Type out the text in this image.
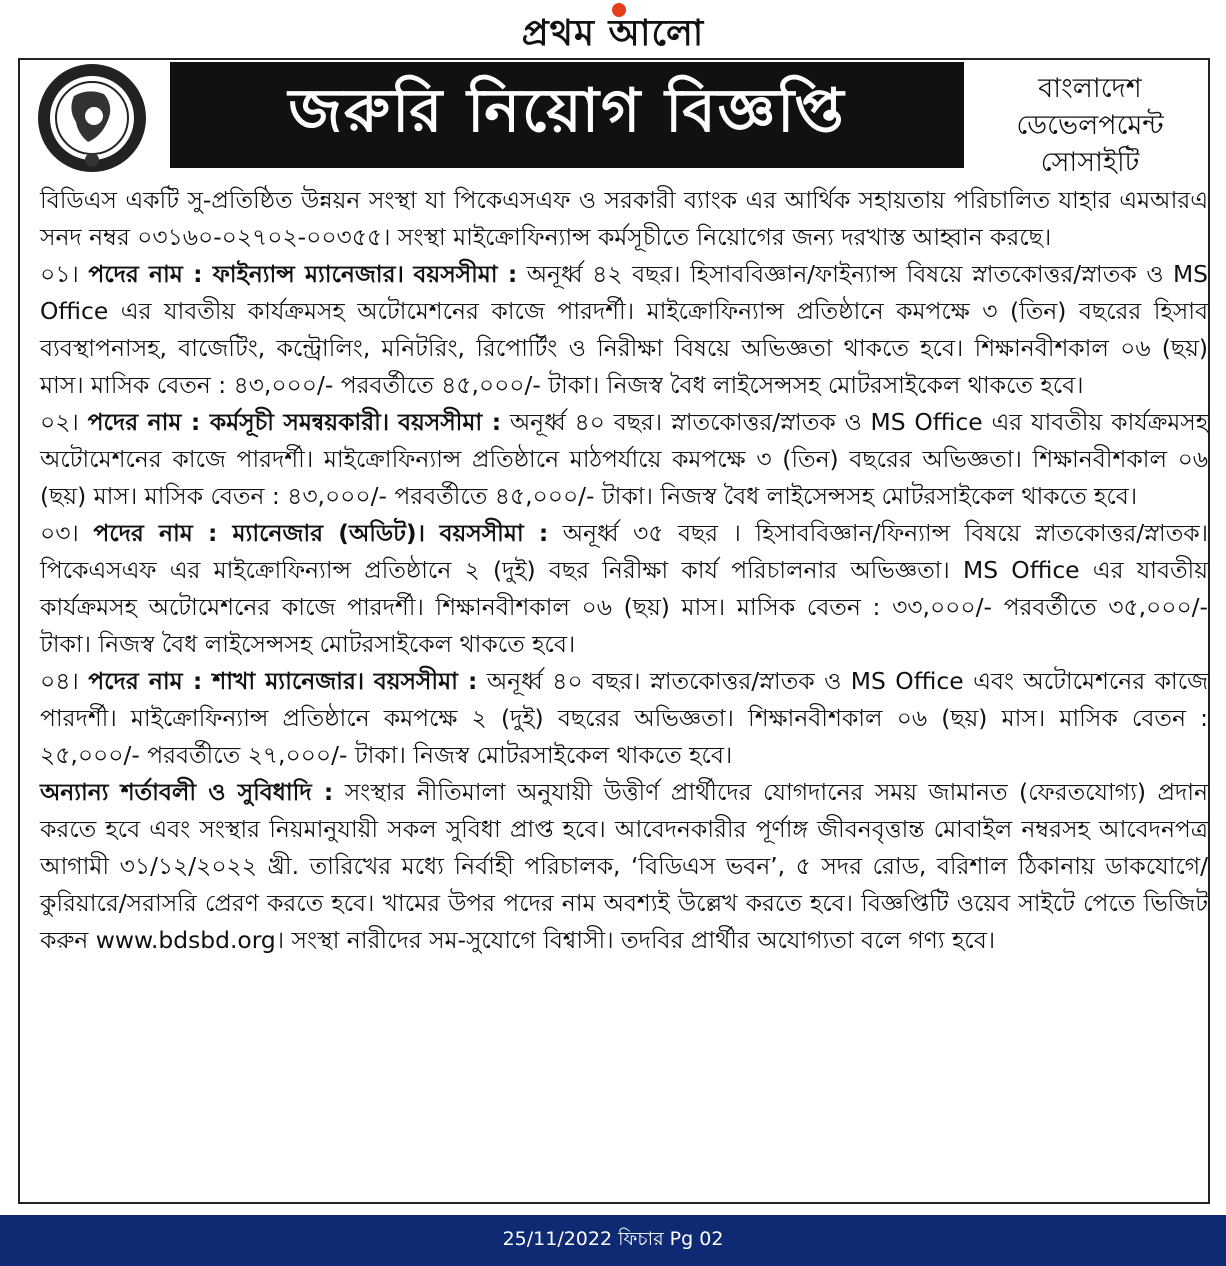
প্রথম আলো
জরুরি নিয়োগ বিজ্ঞপ্তি	বাংলাদেশ
ডেভেলপমেন্ট
সোসাইটি

বিডিএস একটি সু-প্রতিষ্ঠিত উন্নয়ন সংস্থা যা পিকেএসএফ ও সরকারী ব্যাংক এর আর্থিক সহায়তায় পরিচালিত যাহার এমআরএ সনদ নম্বর ০৩১৬০-০২৭০২-০০৩৫৫। সংস্থা মাইক্রোফিন্যান্স কর্মসূচীতে নিয়োগের জন্য দরখাস্ত আহ্বান করছে।

০১। পদের নাম : ফাইন্যান্স ম্যানেজার। বয়সসীমা : অনূর্ধ্ব ৪২ বছর। হিসাববিজ্ঞান/ফাইন্যান্স বিষয়ে স্নাতকোত্তর/স্নাতক ও MS Office এর যাবতীয় কার্যক্রমসহ অটোমেশনের কাজে পারদর্শী। মাইক্রোফিন্যান্স প্রতিষ্ঠানে কমপক্ষে ৩ (তিন) বছরের হিসাব ব্যবস্থাপনাসহ, বাজেটিং, কন্ট্রোলিং, মনিটরিং, রিপোর্টিং ও নিরীক্ষা বিষয়ে অভিজ্ঞতা থাকতে হবে। শিক্ষানবীশকাল ০৬ (ছয়) মাস। মাসিক বেতন : ৪৩,০০০/- পরবর্তীতে ৪৫,০০০/- টাকা। নিজস্ব বৈধ লাইসেন্সসহ মোটরসাইকেল থাকতে হবে।

০২। পদের নাম : কর্মসূচী সমন্বয়কারী। বয়সসীমা : অনূর্ধ্ব ৪০ বছর। স্নাতকোত্তর/স্নাতক ও MS Office এর যাবতীয় কার্যক্রমসহ অটোমেশনের কাজে পারদর্শী। মাইক্রোফিন্যান্স প্রতিষ্ঠানে মাঠপর্যায়ে কমপক্ষে ৩ (তিন) বছরের অভিজ্ঞতা। শিক্ষানবীশকাল ০৬ (ছয়) মাস। মাসিক বেতন : ৪৩,০০০/- পরবর্তীতে ৪৫,০০০/- টাকা। নিজস্ব বৈধ লাইসেন্সসহ মোটরসাইকেল থাকতে হবে।

০৩। পদের নাম : ম্যানেজার (অডিট)। বয়সসীমা : অনূর্ধ্ব ৩৫ বছর । হিসাববিজ্ঞান/ফিন্যান্স বিষয়ে স্নাতকোত্তর/স্নাতক। পিকেএসএফ এর মাইক্রোফিন্যান্স প্রতিষ্ঠানে ২ (দুই) বছর নিরীক্ষা কার্য পরিচালনার অভিজ্ঞতা। MS Office এর যাবতীয় কার্যক্রমসহ অটোমেশনের কাজে পারদর্শী। শিক্ষানবীশকাল ০৬ (ছয়) মাস। মাসিক বেতন : ৩৩,০০০/- পরবর্তীতে ৩৫,০০০/- টাকা। নিজস্ব বৈধ লাইসেন্সসহ মোটরসাইকেল থাকতে হবে।

০৪। পদের নাম : শাখা ম্যানেজার। বয়সসীমা : অনূর্ধ্ব ৪০ বছর। স্নাতকোত্তর/স্নাতক ও MS Office এবং অটোমেশনের কাজে পারদর্শী। মাইক্রোফিন্যান্স প্রতিষ্ঠানে কমপক্ষে ২ (দুই) বছরের অভিজ্ঞতা। শিক্ষানবীশকাল ০৬ (ছয়) মাস। মাসিক বেতন : ২৫,০০০/- পরবর্তীতে ২৭,০০০/- টাকা। নিজস্ব মোটরসাইকেল থাকতে হবে।

অন্যান্য শর্তাবলী ও সুবিধাদি : সংস্থার নীতিমালা অনুযায়ী উত্তীর্ণ প্রার্থীদের যোগদানের সময় জামানত (ফেরতযোগ্য) প্রদান করতে হবে এবং সংস্থার নিয়মানুযায়ী সকল সুবিধা প্রাপ্ত হবে। আবেদনকারীর পূর্ণাঙ্গ জীবনবৃত্তান্ত মোবাইল নম্বরসহ আবেদনপত্র আগামী ৩১/১২/২০২২ খ্রী. তারিখের মধ্যে নির্বাহী পরিচালক, ‘বিডিএস ভবন’, ৫ সদর রোড, বরিশাল ঠিকানায় ডাকযোগে/কুরিয়ারে/সরাসরি প্রেরণ করতে হবে। খামের উপর পদের নাম অবশ্যই উল্লেখ করতে হবে। বিজ্ঞপ্তিটি ওয়েব সাইটে পেতে ভিজিট করুন www.bdsbd.org। সংস্থা নারীদের সম-সুযোগে বিশ্বাসী। তদবির প্রার্থীর অযোগ্যতা বলে গণ্য হবে।

25/11/2022 ফিচার Pg 02
